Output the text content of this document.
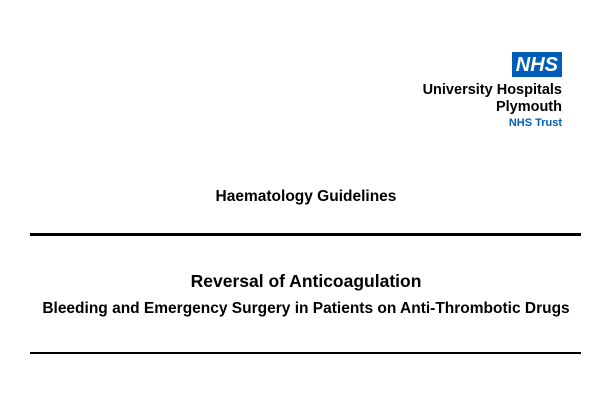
NHS
University Hospitals
Plymouth
NHS Trust
Haematology Guidelines
Reversal of Anticoagulation
Bleeding and Emergency Surgery in Patients on Anti-Thrombotic Drugs
